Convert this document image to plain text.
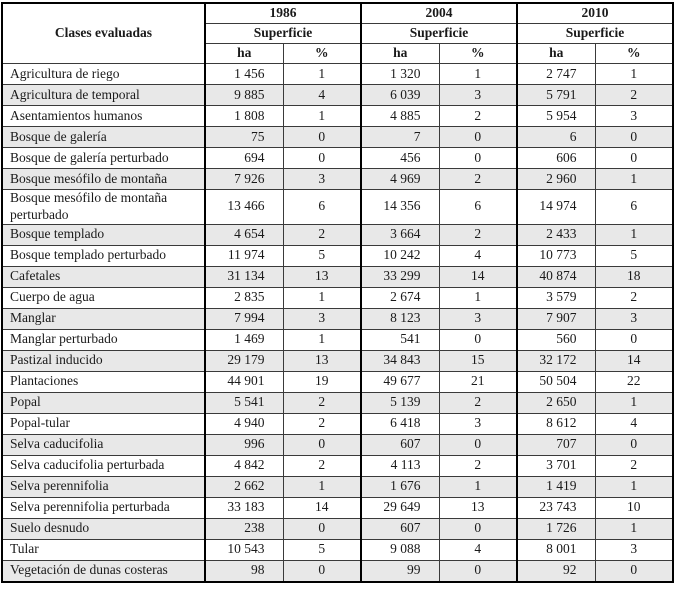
Clases evaluadas	1986		2004		2010	
	Superficie		Superficie		Superficie	
	ha	%	ha	%	ha	%
Agricultura de riego	1 456	1	1 320	1	2 747	1
Agricultura de temporal	9 885	4	6 039	3	5 791	2
Asentamientos humanos	1 808	1	4 885	2	5 954	3
Bosque de galería	75	0	7	0	6	0
Bosque de galería perturbado	694	0	456	0	606	0
Bosque mesófilo de montaña	7 926	3	4 969	2	2 960	1
Bosque mesófilo de montaña perturbado	13 466	6	14 356	6	14 974	6
Bosque templado	4 654	2	3 664	2	2 433	1
Bosque templado perturbado	11 974	5	10 242	4	10 773	5
Cafetales	31 134	13	33 299	14	40 874	18
Cuerpo de agua	2 835	1	2 674	1	3 579	2
Manglar	7 994	3	8 123	3	7 907	3
Manglar perturbado	1 469	1	541	0	560	0
Pastizal inducido	29 179	13	34 843	15	32 172	14
Plantaciones	44 901	19	49 677	21	50 504	22
Popal	5 541	2	5 139	2	2 650	1
Popal-tular	4 940	2	6 418	3	8 612	4
Selva caducifolia	996	0	607	0	707	0
Selva caducifolia perturbada	4 842	2	4 113	2	3 701	2
Selva perennifolia	2 662	1	1 676	1	1 419	1
Selva perennifolia perturbada	33 183	14	29 649	13	23 743	10
Suelo desnudo	238	0	607	0	1 726	1
Tular	10 543	5	9 088	4	8 001	3
Vegetación de dunas costeras	98	0	99	0	92	0
